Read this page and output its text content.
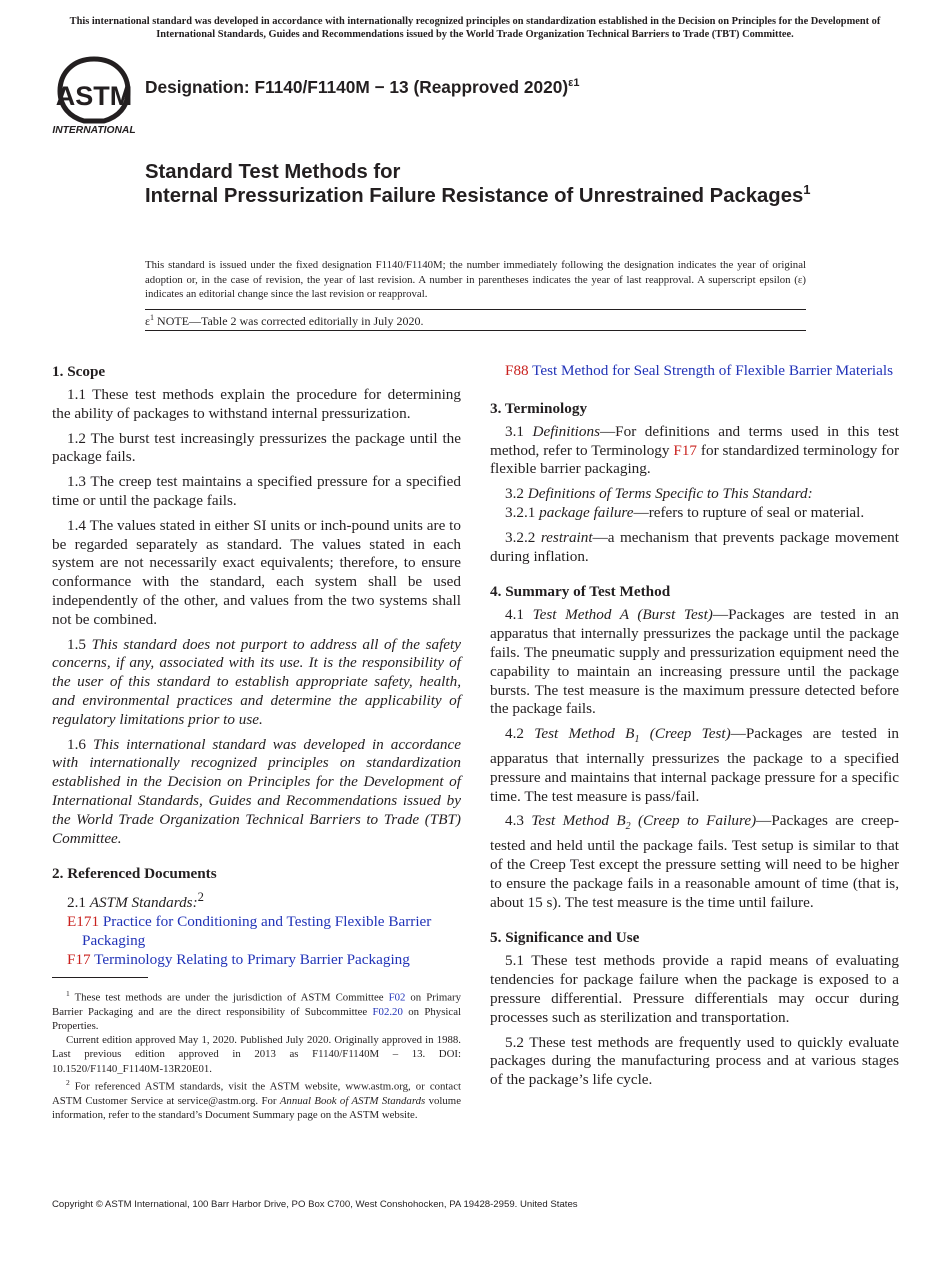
This international standard was developed in accordance with internationally recognized principles on standardization established in the Decision on Principles for the Development of International Standards, Guides and Recommendations issued by the World Trade Organization Technical Barriers to Trade (TBT) Committee.
ASTM
INTERNATIONAL
Designation: F1140/F1140M − 13 (Reapproved 2020)$^{\varepsilon 1}$
Standard Test Methods for
Internal Pressurization Failure Resistance of Unrestrained Packages$^1$
This standard is issued under the fixed designation F1140/F1140M; the number immediately following the designation indicates the year of original adoption or, in the case of revision, the year of last revision. A number in parentheses indicates the year of last reapproval. A superscript epsilon (ε) indicates an editorial change since the last revision or reapproval.
$\varepsilon^1$ NOTE—Table 2 was corrected editorially in July 2020.
1. Scope

1.1 These test methods explain the procedure for determining the ability of packages to withstand internal pressurization.

1.2 The burst test increasingly pressurizes the package until the package fails.

1.3 The creep test maintains a specified pressure for a specified time or until the package fails.

1.4 The values stated in either SI units or inch-pound units are to be regarded separately as standard. The values stated in each system are not necessarily exact equivalents; therefore, to ensure conformance with the standard, each system shall be used independently of the other, and values from the two systems shall not be combined.

1.5 This standard does not purport to address all of the safety concerns, if any, associated with its use. It is the responsibility of the user of this standard to establish appropriate safety, health, and environmental practices and determine the applicability of regulatory limitations prior to use.

1.6 This international standard was developed in accordance with internationally recognized principles on standardization established in the Decision on Principles for the Development of International Standards, Guides and Recommendations issued by the World Trade Organization Technical Barriers to Trade (TBT) Committee.

2. Referenced Documents

2.1 ASTM Standards:$^2$

E171 Practice for Conditioning and Testing Flexible Barrier Packaging

F17 Terminology Relating to Primary Barrier Packaging

$^1$ These test methods are under the jurisdiction of ASTM Committee F02 on Primary Barrier Packaging and are the direct responsibility of Subcommittee F02.20 on Physical Properties.

Current edition approved May 1, 2020. Published July 2020. Originally approved in 1988. Last previous edition approved in 2013 as F1140/F1140M – 13. DOI: 10.1520/F1140_F1140M-13R20E01.

$^2$ For referenced ASTM standards, visit the ASTM website, www.astm.org, or contact ASTM Customer Service at service@astm.org. For Annual Book of ASTM Standards volume information, refer to the standard’s Document Summary page on the ASTM website.

F88 Test Method for Seal Strength of Flexible Barrier Materials

3. Terminology

3.1 Definitions—For definitions and terms used in this test method, refer to Terminology F17 for standardized terminology for flexible barrier packaging.

3.2 Definitions of Terms Specific to This Standard:

3.2.1 package failure—refers to rupture of seal or material.

3.2.2 restraint—a mechanism that prevents package movement during inflation.

4. Summary of Test Method

4.1 Test Method A (Burst Test)—Packages are tested in an apparatus that internally pressurizes the package until the package fails. The pneumatic supply and pressurization equipment need the capability to maintain an increasing pressure until the package bursts. The test measure is the maximum pressure detected before the package fails.

4.2 Test Method $B_1$ (Creep Test)—Packages are tested in apparatus that internally pressurizes the package to a specified pressure and maintains that internal package pressure for a specific time. The test measure is pass/fail.

4.3 Test Method $B_2$ (Creep to Failure)—Packages are creep-tested and held until the package fails. Test setup is similar to that of the Creep Test except the pressure setting will need to be higher to ensure the package fails in a reasonable amount of time (that is, about 15 s). The test measure is the time until failure.

5. Significance and Use

5.1 These test methods provide a rapid means of evaluating tendencies for package failure when the package is exposed to a pressure differential. Pressure differentials may occur during processes such as sterilization and transportation.

5.2 These test methods are frequently used to quickly evaluate packages during the manufacturing process and at various stages of the package’s life cycle.

Copyright © ASTM International, 100 Barr Harbor Drive, PO Box C700, West Conshohocken, PA 19428-2959. United States
